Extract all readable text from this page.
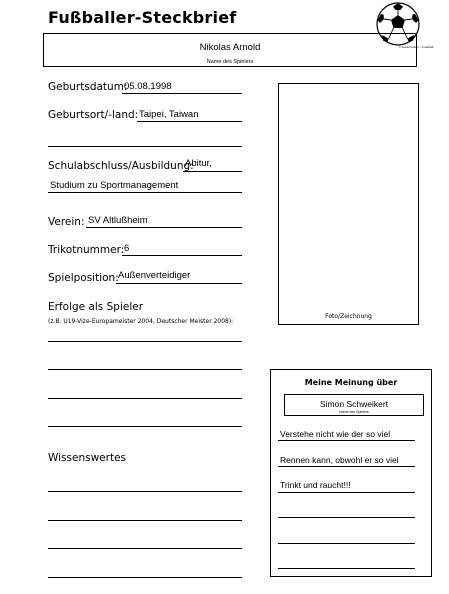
Fußballer-Steckbrief
Nikolas Arnold
Name des Spielers
© Auna Gruber – Fussball
Geburtsdatum:
05.08.1998
Geburtsort/-land: Taipei, Taiwan
Schulabschluss/Ausbildung:
Abitur,
Studium zu Sportmanagement
Verein: SV Altlußheim
Trikotnummer: 6
Spielposition: Außenverteidiger
Erfolge als Spieler
(z.B. U19-Vize-Europameister 2004, Deutscher Meister 2008):
Wissenswertes
Foto/Zeichnung
Meine Meinung über
Simon Schweikert
Name des Spielers
Verstehe nicht wie der so viel
Rennen kann, obwohl er so viel
Trinkt und raucht!!!
